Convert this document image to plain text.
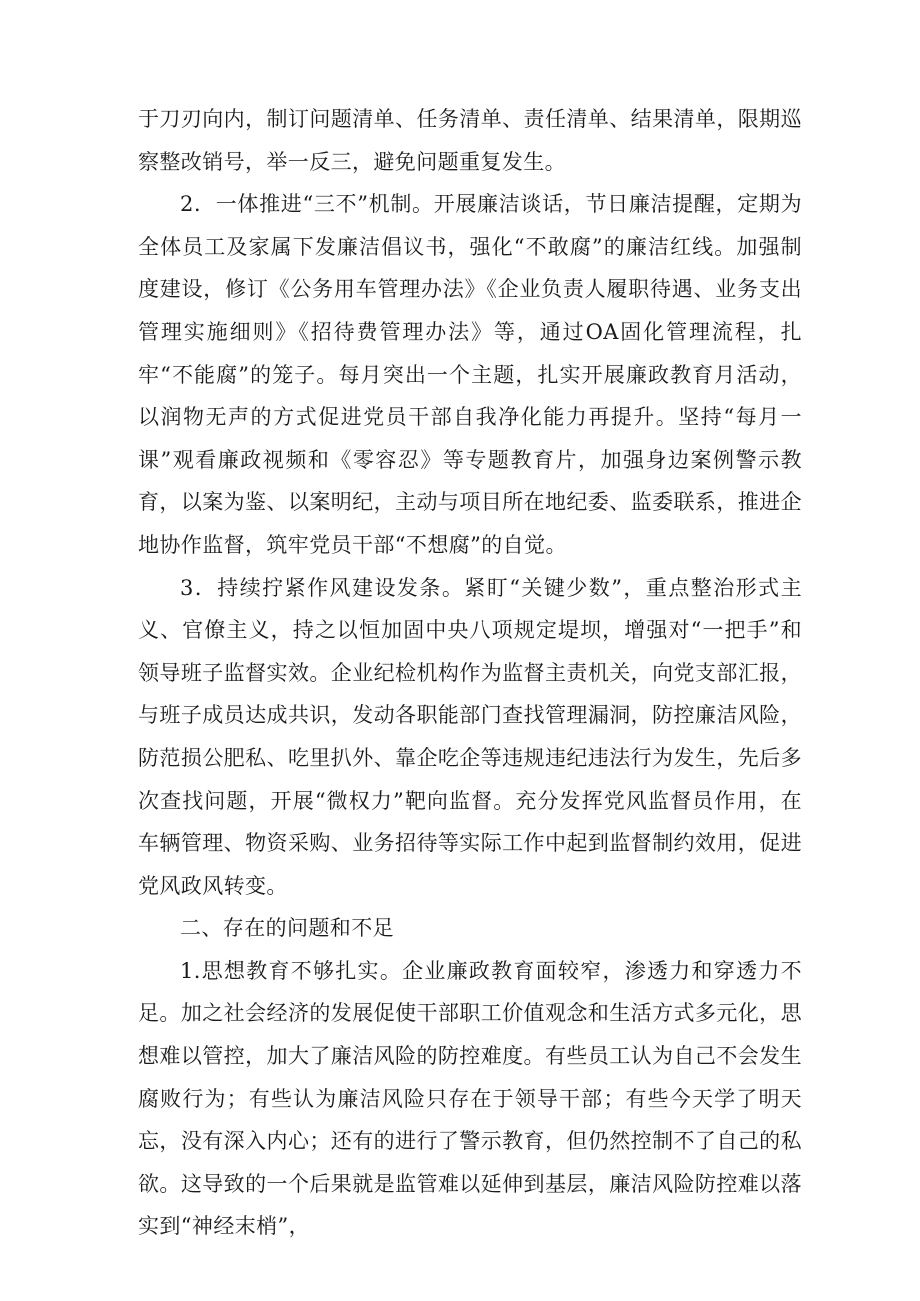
于刀刃向内，制订问题清单、任务清单、责任清单、结果清单，限期巡察整改销号，举一反三，避免问题重复发生。

2．一体推进“三不”机制。开展廉洁谈话，节日廉洁提醒，定期为全体员工及家属下发廉洁倡议书，强化“不敢腐”的廉洁红线。加强制度建设，修订《公务用车管理办法》《企业负责人履职待遇、业务支出管理实施细则》《招待费管理办法》等，通过OA固化管理流程，扎牢“不能腐”的笼子。每月突出一个主题，扎实开展廉政教育月活动，以润物无声的方式促进党员干部自我净化能力再提升。坚持“每月一课”观看廉政视频和《零容忍》等专题教育片，加强身边案例警示教育，以案为鉴、以案明纪，主动与项目所在地纪委、监委联系，推进企地协作监督，筑牢党员干部“不想腐”的自觉。

3．持续拧紧作风建设发条。紧盯“关键少数”，重点整治形式主义、官僚主义，持之以恒加固中央八项规定堤坝，增强对“一把手”和领导班子监督实效。企业纪检机构作为监督主责机关，向党支部汇报，与班子成员达成共识，发动各职能部门查找管理漏洞，防控廉洁风险，防范损公肥私、吃里扒外、靠企吃企等违规违纪违法行为发生，先后多次查找问题，开展“微权力”靶向监督。充分发挥党风监督员作用，在车辆管理、物资采购、业务招待等实际工作中起到监督制约效用，促进党风政风转变。

二、存在的问题和不足

1.思想教育不够扎实。企业廉政教育面较窄，渗透力和穿透力不足。加之社会经济的发展促使干部职工价值观念和生活方式多元化，思想难以管控，加大了廉洁风险的防控难度。有些员工认为自己不会发生腐败行为；有些认为廉洁风险只存在于领导干部；有些今天学了明天忘，没有深入内心；还有的进行了警示教育，但仍然控制不了自己的私欲。这导致的一个后果就是监管难以延伸到基层，廉洁风险防控难以落实到“神经末梢”，
